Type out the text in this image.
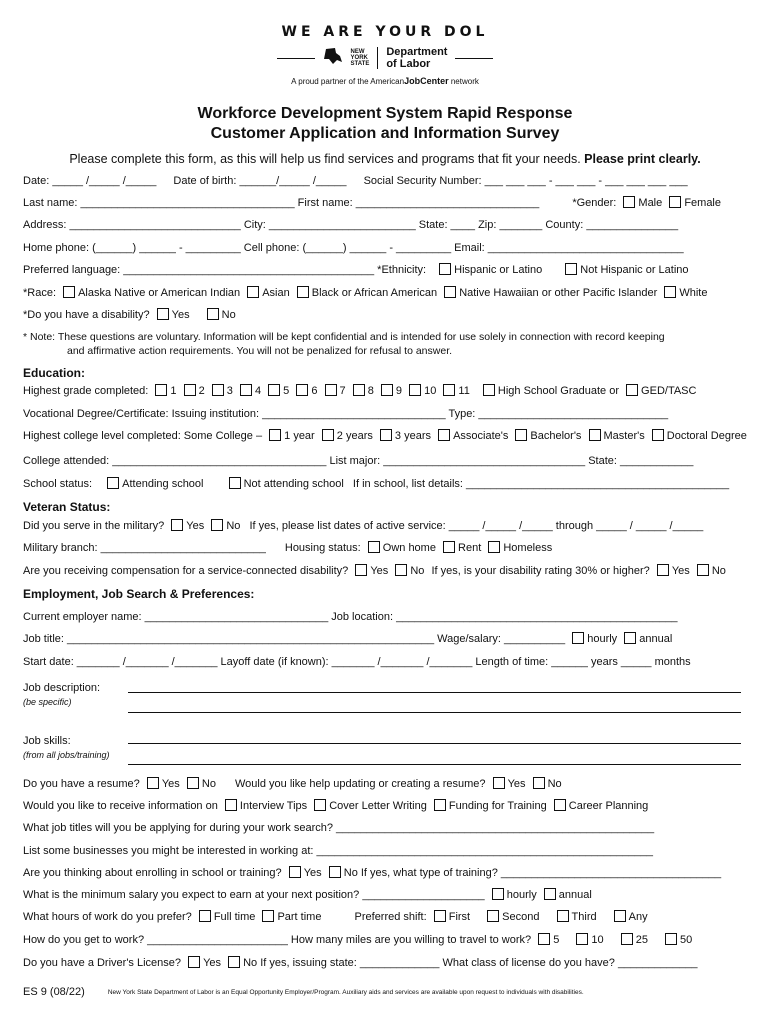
WE ARE YOUR DOL
NEW
YORK
STATE
Department
of Labor
A proud partner of the AmericanJobCenter network
Workforce Development System Rapid Response
Customer Application and Information Survey
Please complete this form, as this will help us find services and programs that fit your needs. Please print clearly.
Date: _____ /_____ /_____ Date of birth: ______/_____ /_____ Social Security Number: ___ ___ ___ - ___ ___ - ___ ___ ___ ___
Last name: ___________________________________ First name: ______________________________	*Gender: Male Female
Address: ____________________________ City: ________________________ State: ____ Zip: _______ County: _______________
Home phone: (______) ______ - _________ Cell phone: (______) ______ - _________ Email: ________________________________
Preferred language: _________________________________________ *Ethnicity:	Hispanic or Latino	Not Hispanic or Latino
*Race: Alaska Native or American Indian Asian Black or African American Native Hawaiian or other Pacific Islander White
*Do you have a disability? Yes	No
* Note: These questions are voluntary. Information will be kept confidential and is intended for use solely in connection with record keeping
and affirmative action requirements. You will not be penalized for refusal to answer.
Education:
Highest grade completed: 1 2 3 4 5 6 7 8 9 10 11	High School Graduate or GED/TASC
Vocational Degree/Certificate: Issuing institution: ______________________________ Type: _______________________________
Highest college level completed: Some College – 1 year 2 years 3 years Associate's Bachelor's Master's Doctoral Degree
College attended: ___________________________________ List major: _________________________________ State: ____________
School status:	Attending school	Not attending school If in school, list details: ___________________________________________
Veteran Status:
Did you serve in the military? Yes No If yes, please list dates of active service: _____ /_____ /_____ through _____ / _____ /_____
Military branch: ___________________________ Housing status: Own home Rent Homeless
Are you receiving compensation for a service-connected disability? Yes No If yes, is your disability rating 30% or higher? Yes No
Employment, Job Search & Preferences:
Current employer name: ______________________________ Job location: ______________________________________________
Job title: ____________________________________________________________ Wage/salary: __________ hourly annual
Start date: _______ /_______ /_______ Layoff date (if known): _______ /_______ /_______ Length of time: ______ years _____ months
Job description:
(be specific)
Job skills:
(from all jobs/training)
Do you have a resume? Yes No Would you like help updating or creating a resume? Yes No
Would you like to receive information on Interview Tips Cover Letter Writing Funding for Training Career Planning
What job titles will you be applying for during your work search? ____________________________________________________
List some businesses you might be interested in working at: _______________________________________________________
Are you thinking about enrolling in school or training? Yes No If yes, what type of training? ____________________________________
What is the minimum salary you expect to earn at your next position? ____________________ hourly annual
What hours of work do you prefer? Full time Part time	Preferred shift: First	Second	Third	Any
How do you get to work? _______________________ How many miles are you willing to travel to work? 5	10	25	50
Do you have a Driver's License? Yes No If yes, issuing state: _____________ What class of license do you have? _____________
ES 9 (08/22)	New York State Department of Labor is an Equal Opportunity Employer/Program. Auxiliary aids and services are available upon request to individuals with disabilities.
